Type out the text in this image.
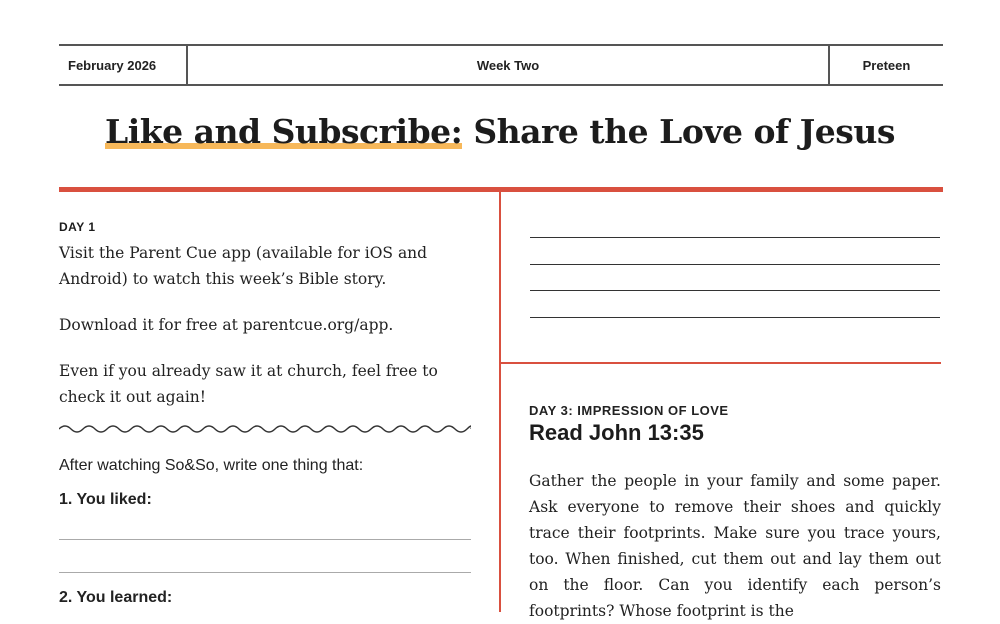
February 2026	Week Two	Preteen
Like and Subscribe: Share the Love of Jesus
DAY 1
Visit the Parent Cue app (available for iOS and Android) to watch this week’s Bible story.
Download it for free at parentcue.org/app.
Even if you already saw it at church, feel free to check it out again!
After watching So&So, write one thing that:
1. You liked:
2. You learned:
DAY 3: IMPRESSION OF LOVE
Read John 13:35
Gather the people in your family and some paper. Ask everyone to remove their shoes and quickly trace their footprints. Make sure you trace yours, too. When finished, cut them out and lay them out on the floor. Can you identify each person’s footprints? Whose footprint is the
